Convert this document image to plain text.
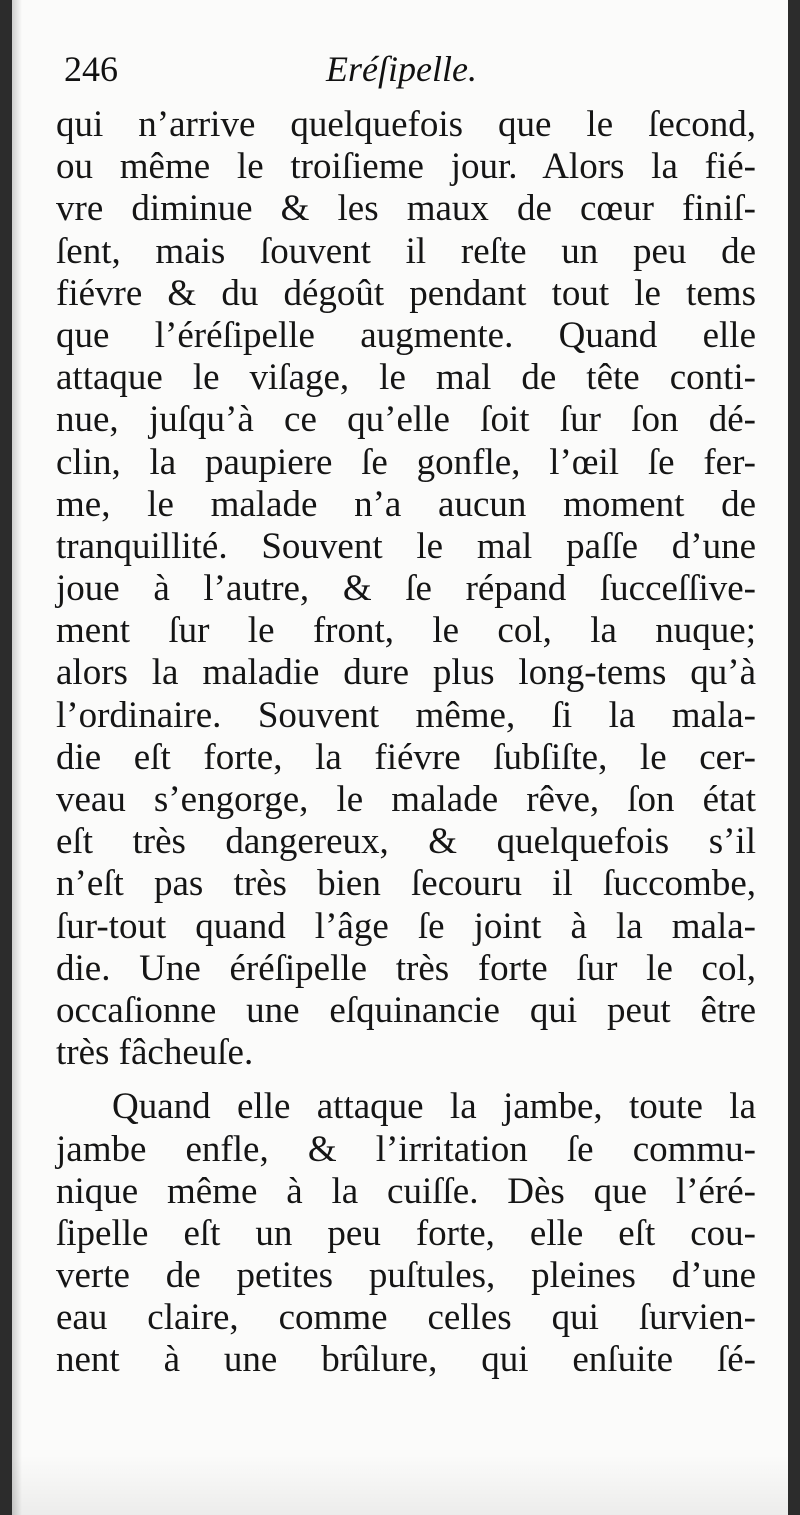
246	Eréſipelle.
qui n’arrive quelquefois que le ſecond,
ou même le troiſieme jour. Alors la fié-
vre diminue & les maux de cœur finiſ-
ſent, mais ſouvent il reſte un peu de
fiévre & du dégoût pendant tout le tems
que l’éréſipelle augmente. Quand elle
attaque le viſage, le mal de tête conti-
nue, juſqu’à ce qu’elle ſoit ſur ſon dé-
clin, la paupiere ſe gonfle, l’œil ſe fer-
me, le malade n’a aucun moment de
tranquillité. Souvent le mal paſſe d’une
joue à l’autre, & ſe répand ſucceſſive-
ment ſur le front, le col, la nuque;
alors la maladie dure plus long-tems qu’à
l’ordinaire. Souvent même, ſi la mala-
die eſt forte, la fiévre ſubſiſte, le cer-
veau s’engorge, le malade rêve, ſon état
eſt très dangereux, & quelquefois s’il
n’eſt pas très bien ſecouru il ſuccombe,
ſur-tout quand l’âge ſe joint à la mala-
die. Une éréſipelle très forte ſur le col,
occaſionne une eſquinancie qui peut être
très fâcheuſe.
Quand elle attaque la jambe, toute la
jambe enfle, & l’irritation ſe commu-
nique même à la cuiſſe. Dès que l’éré-
ſipelle eſt un peu forte, elle eſt cou-
verte de petites puſtules, pleines d’une
eau claire, comme celles qui ſurvien-
nent à une brûlure, qui enſuite ſé-
